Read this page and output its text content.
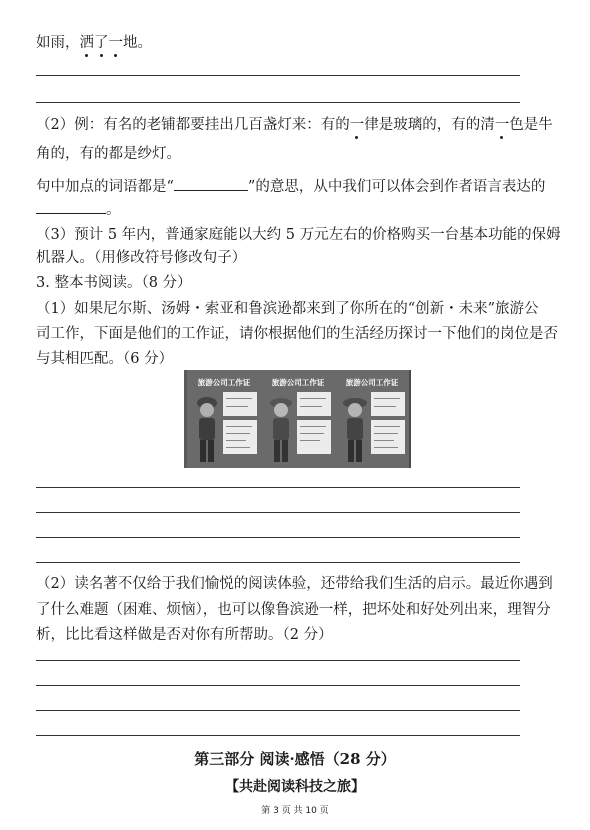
如雨，洒了一地。
（2）例：有名的老铺都要挂出几百盏灯来：有的一律是玻璃的，有的清一色是牛
角的，有的都是纱灯。
句中加点的词语都是“	”的意思，从中我们可以体会到作者语言表达的
。
（3）预计 5 年内，普通家庭能以大约 5 万元左右的价格购买一台基本功能的保姆
机器人。（用修改符号修改句子）
3. 整本书阅读。（8 分）
（1）如果尼尔斯、汤姆・索亚和鲁滨逊都来到了你所在的“创新・未来”旅游公
司工作，下面是他们的工作证，请你根据他们的生活经历探讨一下他们的岗位是否
与其相匹配。（6 分）
旅游公司工作证	旅游公司工作证	旅游公司工作证
（2）读名著不仅给于我们愉悦的阅读体验，还带给我们生活的启示。最近你遇到
了什么难题（困难、烦恼），也可以像鲁滨逊一样，把坏处和好处列出来，理智分
析，比比看这样做是否对你有所帮助。（2 分）
第三部分 阅读·感悟（28 分）
【共赴阅读科技之旅】
第 3 页 共 10 页
